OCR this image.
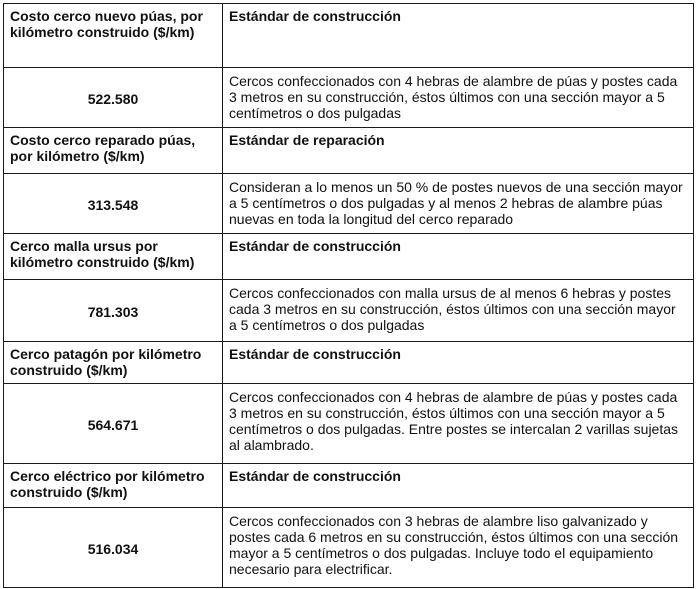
Costo cerco nuevo púas, por kilómetro construido ($/km)	Estándar de construcción
522.580	Cercos confeccionados con 4 hebras de alambre de púas y postes cada 3 metros en su construcción, éstos últimos con una sección mayor a 5 centímetros o dos pulgadas
Costo cerco reparado púas, por kilómetro ($/km)	Estándar de reparación
313.548	Consideran a lo menos un 50 % de postes nuevos de una sección mayor a 5 centímetros o dos pulgadas y al menos 2 hebras de alambre púas nuevas en toda la longitud del cerco reparado
Cerco malla ursus por kilómetro construido ($/km)	Estándar de construcción
781.303	Cercos confeccionados con malla ursus de al menos 6 hebras y postes cada 3 metros en su construcción, éstos últimos con una sección mayor a 5 centímetros o dos pulgadas
Cerco patagón por kilómetro construido ($/km)	Estándar de construcción
564.671	Cercos confeccionados con 4 hebras de alambre de púas y postes cada 3 metros en su construcción, éstos últimos con una sección mayor a 5 centímetros o dos pulgadas. Entre postes se intercalan 2 varillas sujetas al alambrado.
Cerco eléctrico por kilómetro construido ($/km)	Estándar de construcción
516.034	Cercos confeccionados con 3 hebras de alambre liso galvanizado y postes cada 6 metros en su construcción, éstos últimos con una sección mayor a 5 centímetros o dos pulgadas. Incluye todo el equipamiento necesario para electrificar.
